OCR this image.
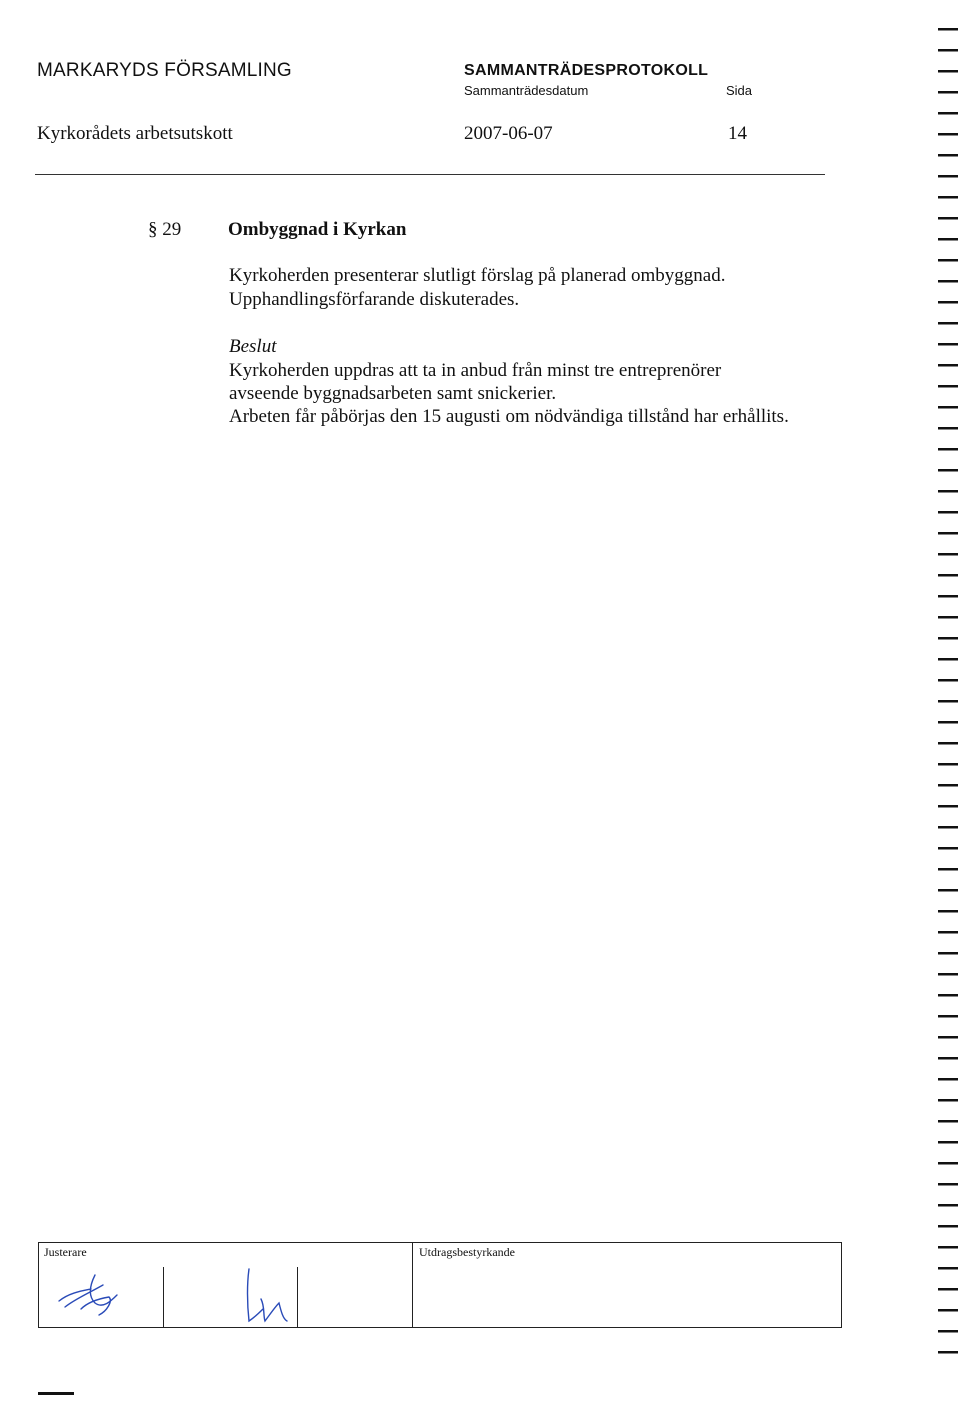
MARKARYDS FÖRSAMLING	SAMMANTRÄDESPROTOKOLL
Sammanträdesdatum	Sida
Kyrkorådets arbetsutskott	2007-06-07	14
§ 29 Ombyggnad i Kyrkan
Kyrkoherden presenterar slutligt förslag på planerad ombyggnad.
Upphandlingsförfarande diskuterades.
Beslut
Kyrkoherden uppdras att ta in anbud från minst tre entreprenörer
avseende byggnadsarbeten samt snickerier.
Arbeten får påbörjas den 15 augusti om nödvändiga tillstånd har erhållits.
Justerare	Utdragsbestyrkande
